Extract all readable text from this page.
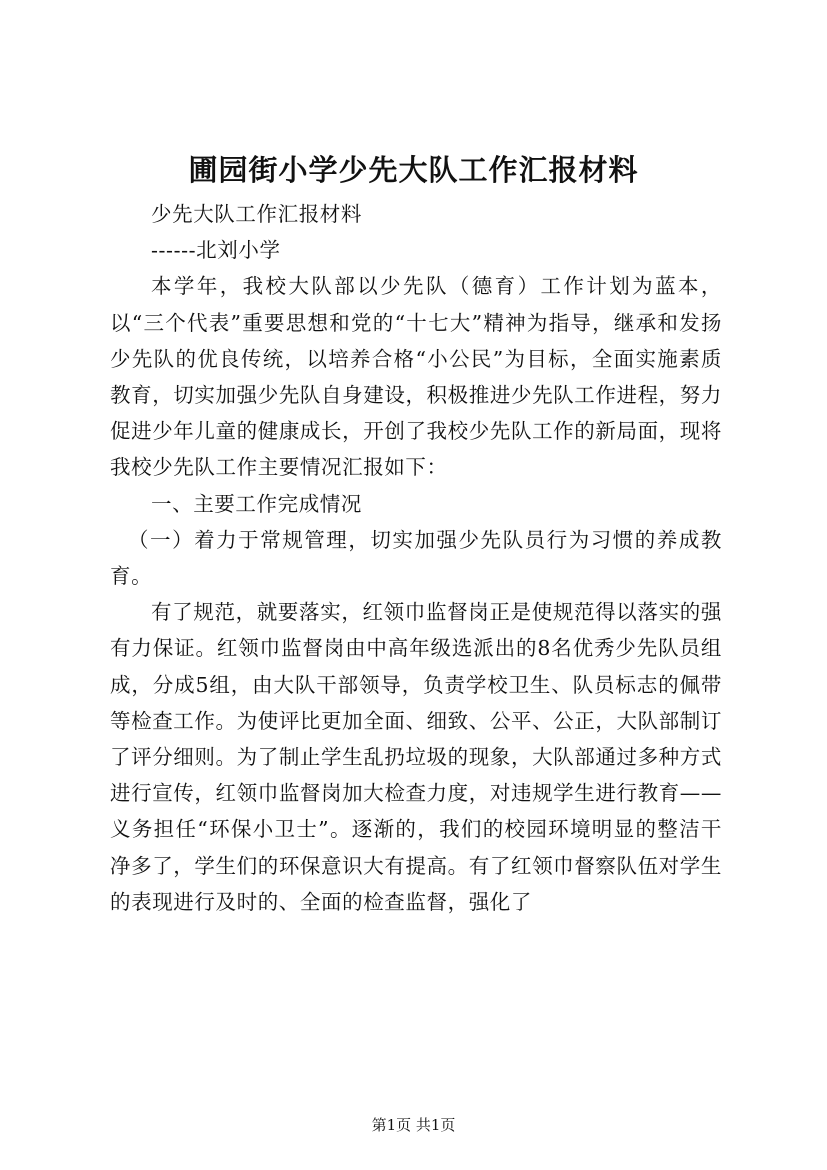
圃园街小学少先大队工作汇报材料

少先大队工作汇报材料

------北刘小学

本学年，我校大队部以少先队（德育）工作计划为蓝本，以“三个代表”重要思想和党的“十七大”精神为指导，继承和发扬少先队的优良传统，以培养合格“小公民”为目标，全面实施素质教育，切实加强少先队自身建设，积极推进少先队工作进程，努力促进少年儿童的健康成长，开创了我校少先队工作的新局面，现将我校少先队工作主要情况汇报如下：

一、主要工作完成情况

（一）着力于常规管理，切实加强少先队员行为习惯的养成教育。

有了规范，就要落实，红领巾监督岗正是使规范得以落实的强有力保证。红领巾监督岗由中高年级选派出的8名优秀少先队员组成，分成5组，由大队干部领导，负责学校卫生、队员标志的佩带等检查工作。为使评比更加全面、细致、公平、公正，大队部制订了评分细则。为了制止学生乱扔垃圾的现象，大队部通过多种方式进行宣传，红领巾监督岗加大检查力度，对违规学生进行教育——义务担任“环保小卫士”。逐渐的，我们的校园环境明显的整洁干净多了，学生们的环保意识大有提高。有了红领巾督察队伍对学生的表现进行及时的、全面的检查监督，强化了

第1页 共1页
